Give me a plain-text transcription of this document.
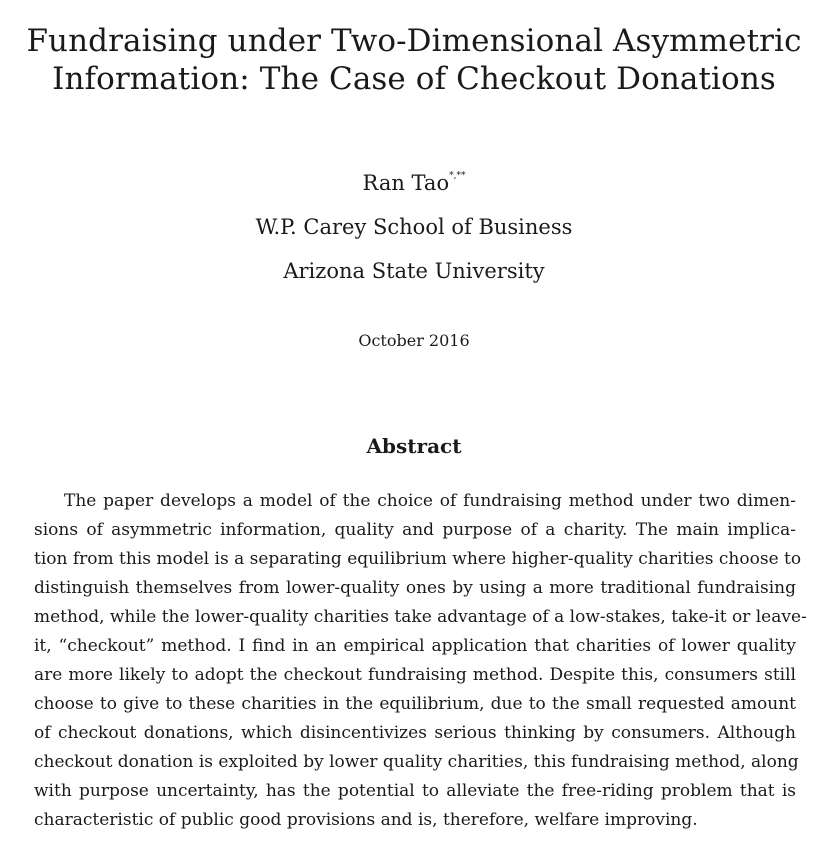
Fundraising under Two-Dimensional Asymmetric
Information: The Case of Checkout Donations
Ran Tao*,**
W.P. Carey School of Business
Arizona State University
October 2016
Abstract
The paper develops a model of the choice of fundraising method under two dimen-
sions of asymmetric information, quality and purpose of a charity. The main implica-
tion from this model is a separating equilibrium where higher-quality charities choose to
distinguish themselves from lower-quality ones by using a more traditional fundraising
method, while the lower-quality charities take advantage of a low-stakes, take-it or leave-
it, “checkout” method. I find in an empirical application that charities of lower quality
are more likely to adopt the checkout fundraising method. Despite this, consumers still
choose to give to these charities in the equilibrium, due to the small requested amount
of checkout donations, which disincentivizes serious thinking by consumers. Although
checkout donation is exploited by lower quality charities, this fundraising method, along
with purpose uncertainty, has the potential to alleviate the free-riding problem that is
characteristic of public good provisions and is, therefore, welfare improving.
